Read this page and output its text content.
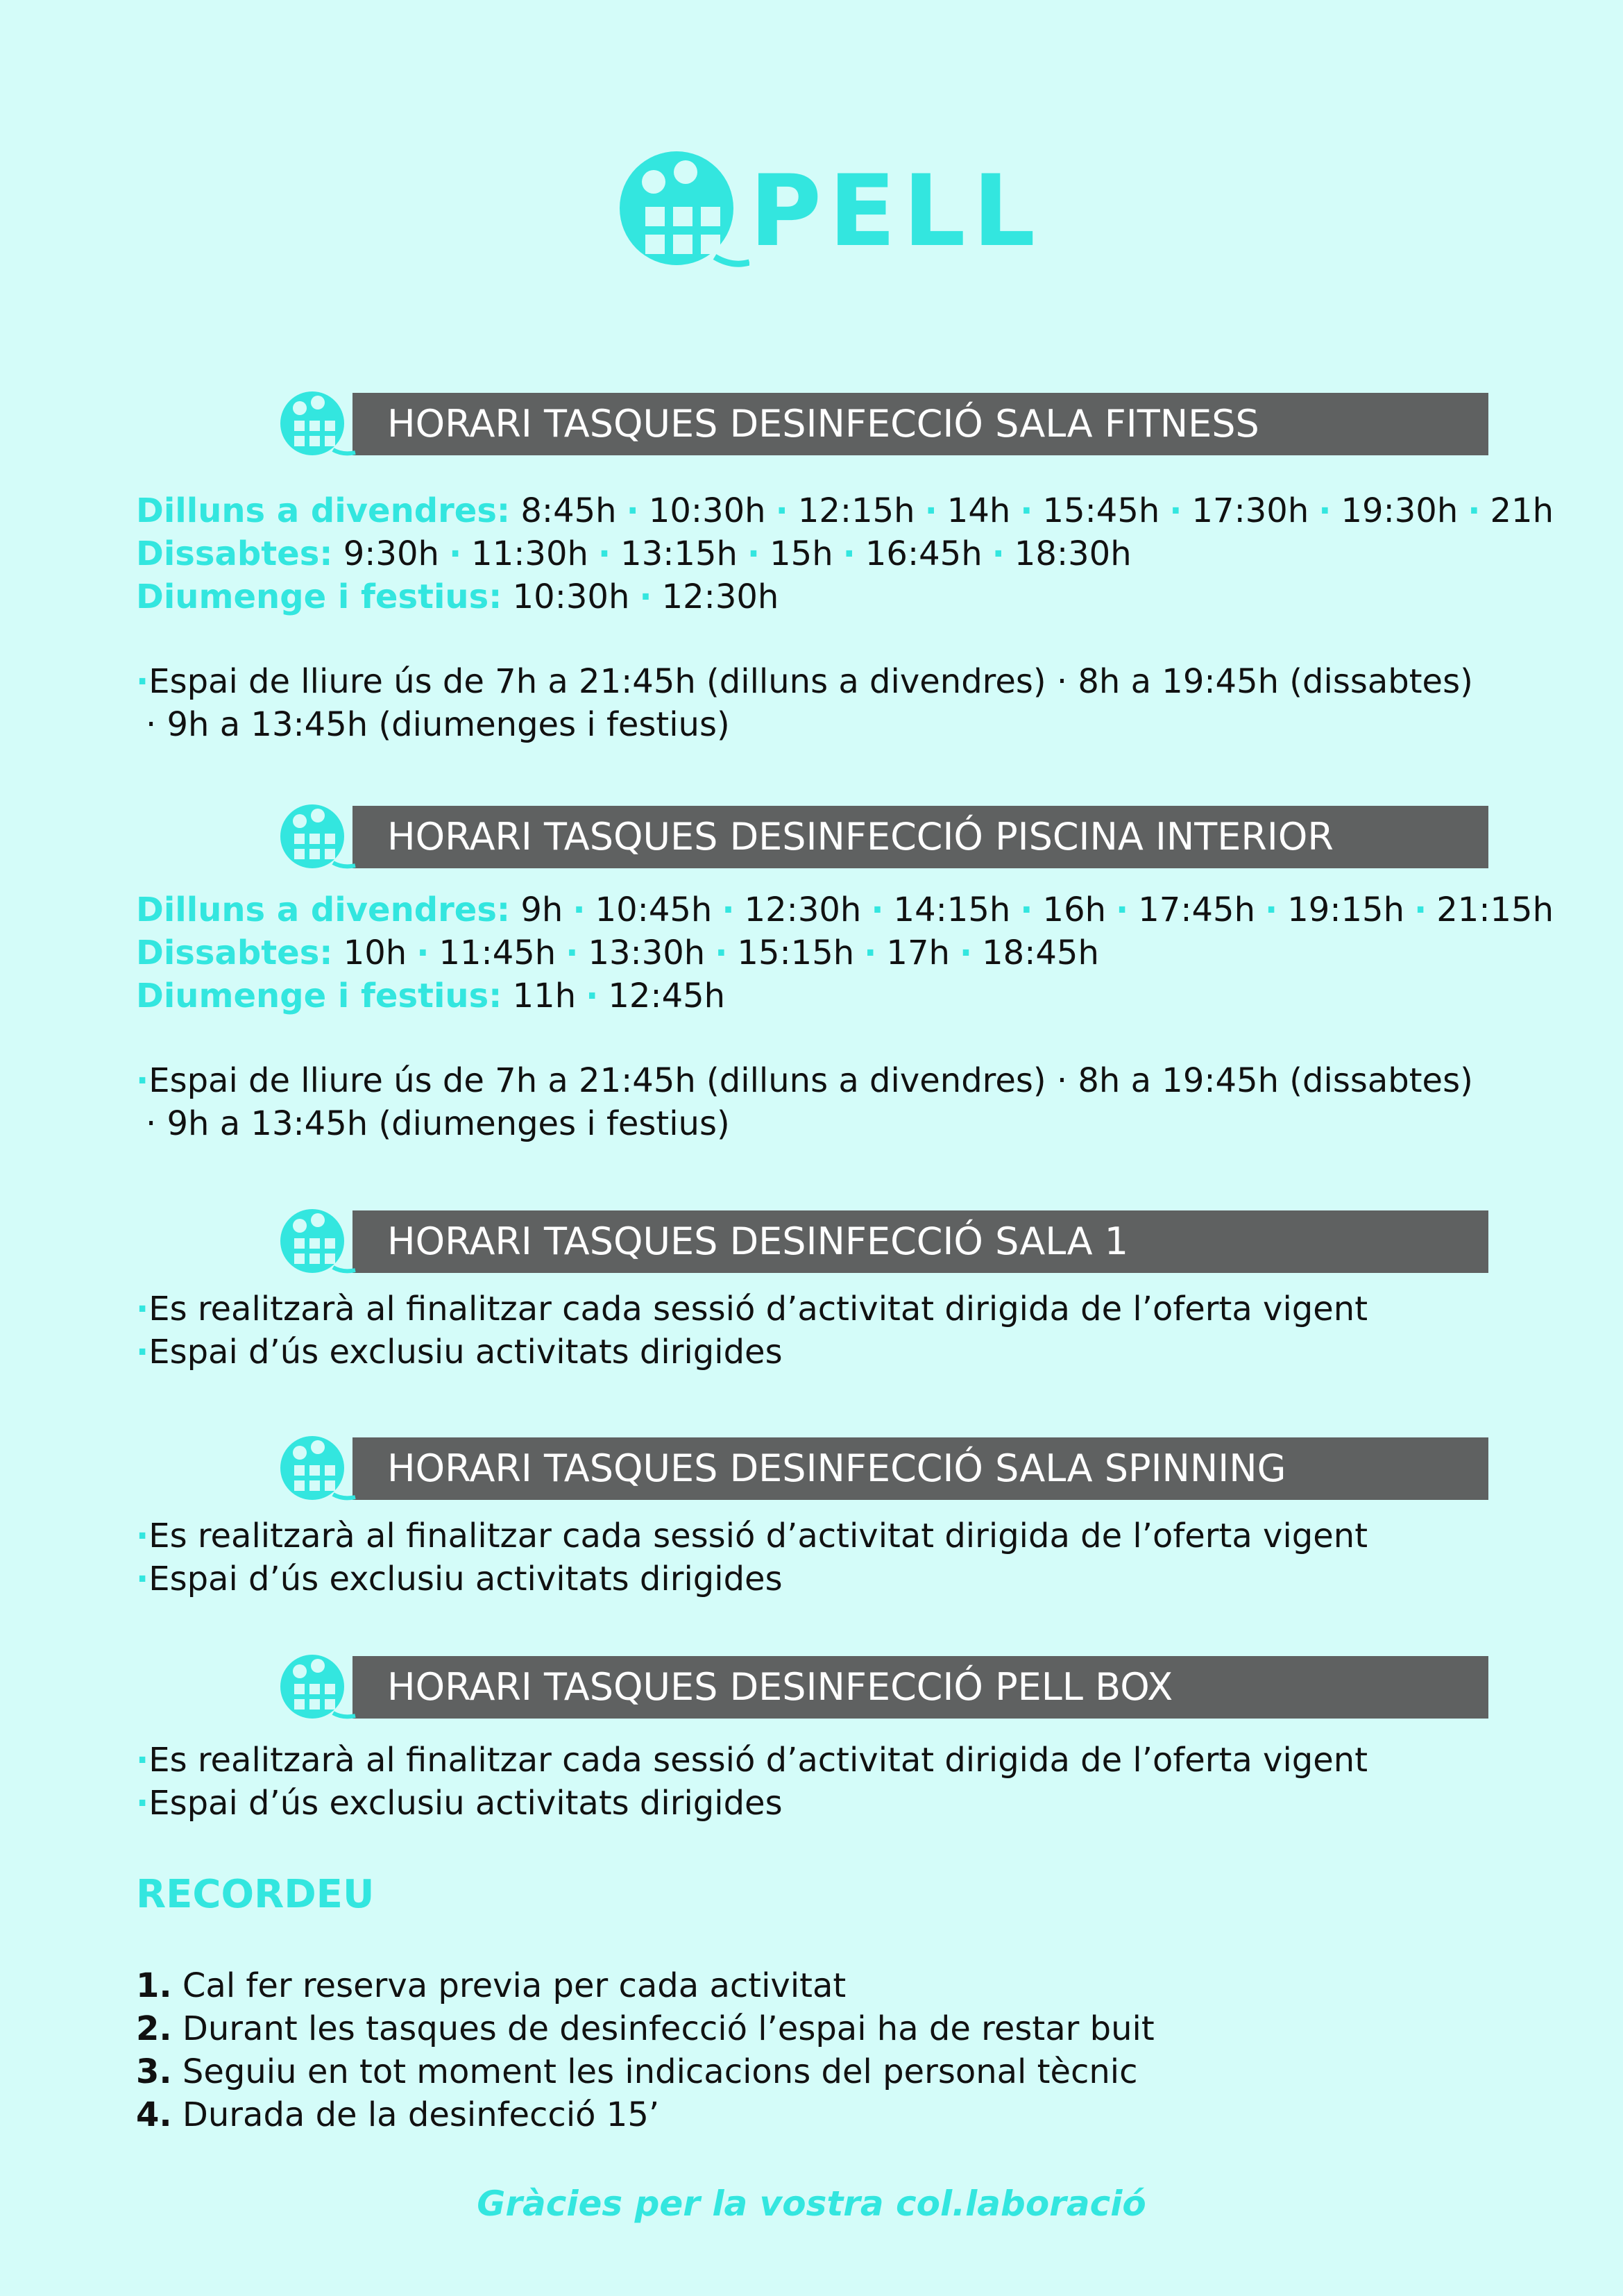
PELL
HORARI TASQUES DESINFECCIÓ SALA FITNESS
Dilluns a divendres: 8:45h · 10:30h · 12:15h · 14h · 15:45h · 17:30h · 19:30h · 21h
Dissabtes: 9:30h · 11:30h · 13:15h · 15h · 16:45h · 18:30h
Diumenge i festius: 10:30h · 12:30h
·Espai de lliure ús de 7h a 21:45h (dilluns a divendres) · 8h a 19:45h (dissabtes)
· 9h a 13:45h (diumenges i festius)
HORARI TASQUES DESINFECCIÓ PISCINA INTERIOR
Dilluns a divendres: 9h · 10:45h · 12:30h · 14:15h · 16h · 17:45h · 19:15h · 21:15h
Dissabtes: 10h · 11:45h · 13:30h · 15:15h · 17h · 18:45h
Diumenge i festius: 11h · 12:45h
·Espai de lliure ús de 7h a 21:45h (dilluns a divendres) · 8h a 19:45h (dissabtes)
· 9h a 13:45h (diumenges i festius)
HORARI TASQUES DESINFECCIÓ SALA 1
·Es realitzarà al finalitzar cada sessió d’activitat dirigida de l’oferta vigent
·Espai d’ús exclusiu activitats dirigides
HORARI TASQUES DESINFECCIÓ SALA SPINNING
·Es realitzarà al finalitzar cada sessió d’activitat dirigida de l’oferta vigent
·Espai d’ús exclusiu activitats dirigides
HORARI TASQUES DESINFECCIÓ PELL BOX
·Es realitzarà al finalitzar cada sessió d’activitat dirigida de l’oferta vigent
·Espai d’ús exclusiu activitats dirigides
RECORDEU
1. Cal fer reserva previa per cada activitat
2. Durant les tasques de desinfecció l’espai ha de restar buit
3. Seguiu en tot moment les indicacions del personal tècnic
4. Durada de la desinfecció 15’
Gràcies per la vostra col.laboració
